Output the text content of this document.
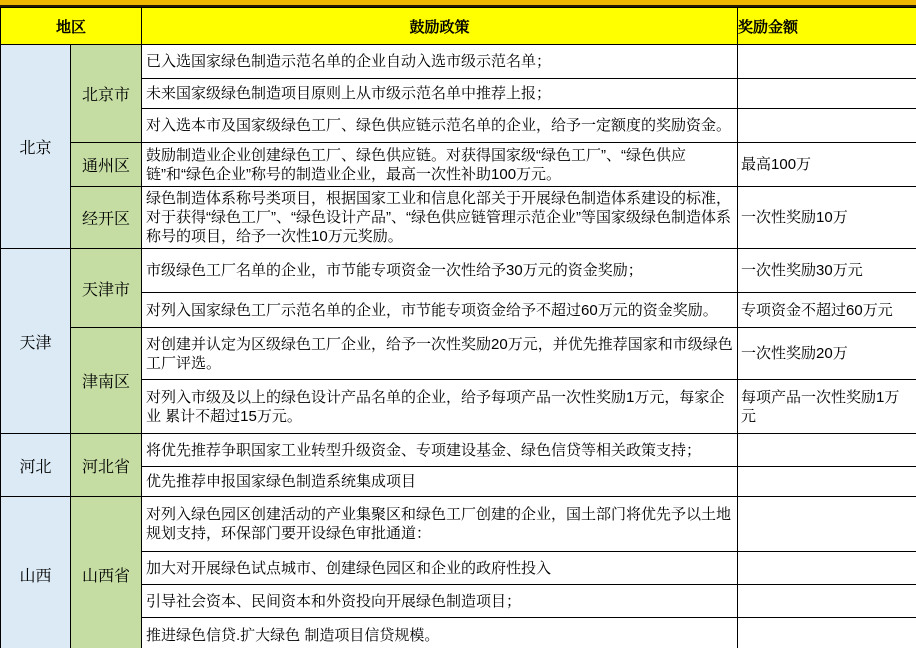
地区		鼓励政策	奖励金额
北京	北京市	已入选国家绿色制造示范名单的企业自动入选市级示范名单；	
		未来国家级绿色制造项目原则上从市级示范名单中推荐上报；	
		对入选本市及国家级绿色工厂、绿色供应链示范名单的企业，给予一定额度的奖励资金。	
	通州区	鼓励制造业企业创建绿色工厂、绿色供应链。对获得国家级“绿色工厂”、“绿色供应链”和“绿色企业”称号的制造业企业，最高一次性补助100万元。	最高100万
	经开区	绿色制造体系称号类项目，根据国家工业和信息化部关于开展绿色制造体系建设的标准，对于获得“绿色工厂”、“绿色设计产品”、“绿色供应链管理示范企业”等国家级绿色制造体系称号的项目，给予一次性10万元奖励。	一次性奖励10万
天津	天津市	市级绿色工厂名单的企业，市节能专项资金一次性给予30万元的资金奖励；	一次性奖励30万元
		对列入国家绿色工厂示范名单的企业，市节能专项资金给予不超过60万元的资金奖励。	专项资金不超过60万元
	津南区	对创建并认定为区级绿色工厂企业，给予一次性奖励20万元，并优先推荐国家和市级绿色工厂评选。	一次性奖励20万
		对列入市级及以上的绿色设计产品名单的企业，给予每项产品一次性奖励1万元，每家企业 累计不超过15万元。	每项产品一次性奖励1万元
河北	河北省	将优先推荐争职国家工业转型升级资金、专项建设基金、绿色信贷等相关政策支持；	
		优先推荐申报国家绿色制造系统集成项目	
山西	山西省	对列入绿色园区创建活动的产业集聚区和绿色工厂创建的企业，国土部门将优先予以土地规划支持，环保部门要开设绿色审批通道：	
		加大对开展绿色试点城市、创建绿色园区和企业的政府性投入	
		引导社会资本、民间资本和外资投向开展绿色制造项目；	
		推进绿色信贷.扩大绿色 制造项目信贷规模。	
